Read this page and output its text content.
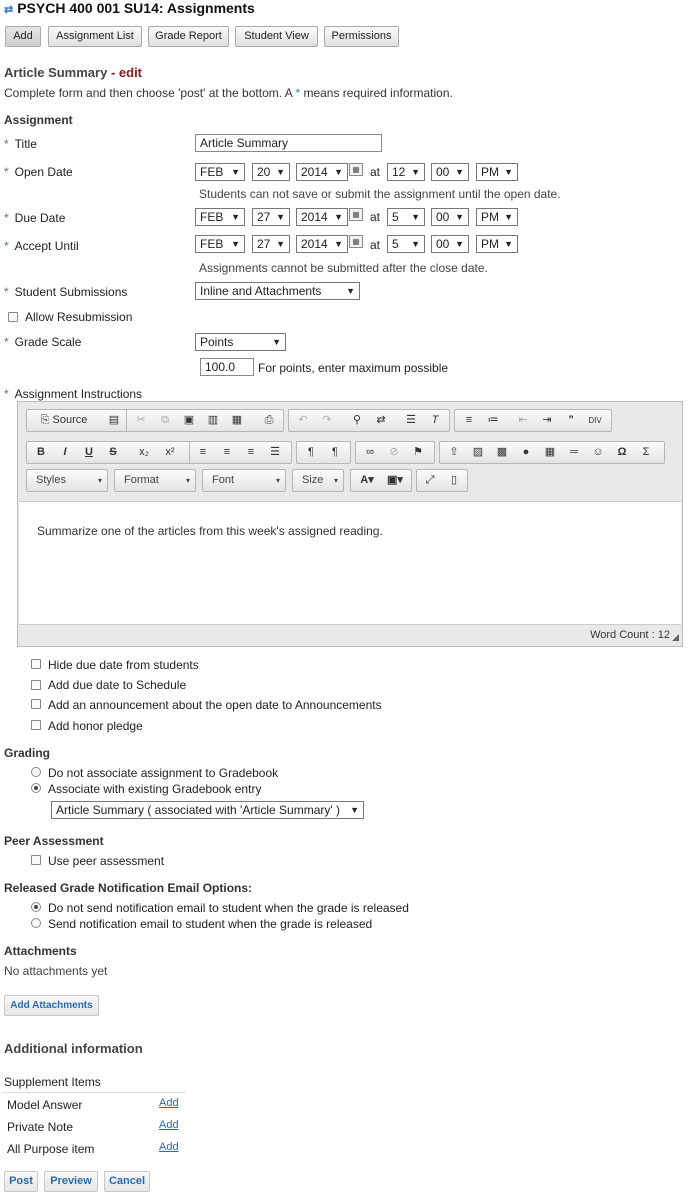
⇄ PSYCH 400 001 SU14: Assignments
Add	Assignment List	Grade Report	Student View	Permissions
Article Summary - edit
Complete form and then choose 'post' at the bottom. A * means required information.
Assignment
* Title	Article Summary
* Open Date	FEB ▼	20 ▼	2014 ▼	▦ at 12 ▼	00 ▼	PM ▼
Students can not save or submit the assignment until the open date.
* Due Date	FEB ▼	27 ▼	2014 ▼	▦ at 5 ▼	00 ▼	PM ▼
* Accept Until	FEB ▼	27 ▼	2014 ▼	▦ at 5 ▼	00 ▼	PM ▼
Assignments cannot be submitted after the close date.
* Student Submissions	Inline and Attachments	▼
Allow Resubmission
* Grade Scale	Points	▼
100.0	For points, enter maximum possible
* Assignment Instructions
⎘ Source	▤	✂	⧉	▣ ▥ ▦	⎙	↶	↷	⚲	⇄	☰	T	≡	≔	⇤	⇥	”	DIV
B	I	U	S	x₂	x²	≡	≡	≡	☰	¶	¶	∞	⊘	⚑	⇧	▨ ▩	●	▦	═	☺	Ω	Σ
Styles	▾	Format	▾	Font	▾	Size ▾	A▾	▣▾	⤢	▯
Summarize one of the articles from this week's assigned reading.
Word Count : 12
Hide due date from students
Add due date to Schedule
Add an announcement about the open date to Announcements
Add honor pledge
Grading
Do not associate assignment to Gradebook
Associate with existing Gradebook entry
Article Summary ( associated with 'Article Summary' ) ▼
Peer Assessment
Use peer assessment
Released Grade Notification Email Options:
Do not send notification email to student when the grade is released
Send notification email to student when the grade is released
Attachments
No attachments yet
Add Attachments
Additional information
Supplement Items
Model Answer	Add
Private Note	Add
All Purpose item	Add
Post	Preview	Cancel
